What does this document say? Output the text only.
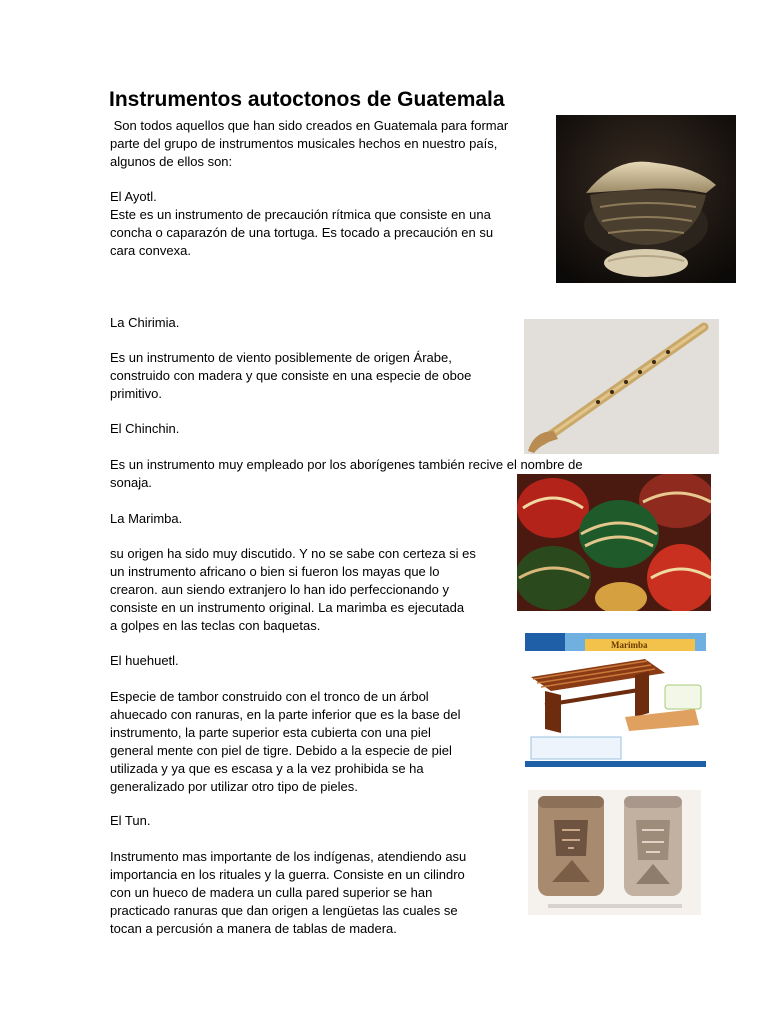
Instrumentos autoctonos de Guatemala

Son todos aquellos que han sido creados en Guatemala para formar

parte del grupo de instrumentos musicales hechos en nuestro país,

algunos de ellos son:

El Ayotl.

Este es un instrumento de precaución rítmica que consiste en una

concha o caparazón de una tortuga. Es tocado a precaución en su

cara convexa.

La Chirimia.

Es un instrumento de viento posiblemente de origen Árabe,

construido con madera y que consiste en una especie de oboe

primitivo.

El Chinchin.

Es un instrumento muy empleado por los aborígenes también recive el nombre de

sonaja.

La Marimba.

su origen ha sido muy discutido. Y no se sabe con certeza si es

un instrumento africano o bien si fueron los mayas que lo

crearon. aun siendo extranjero lo han ido perfeccionando y

consiste en un instrumento original. La marimba es ejecutada

a golpes en las teclas con baquetas.

El huehuetl.

Especie de tambor construido con el tronco de un árbol

ahuecado con ranuras, en la parte inferior que es la base del

instrumento, la parte superior esta cubierta con una piel

general mente con piel de tigre. Debido a la especie de piel

utilizada y ya que es escasa y a la vez prohibida se ha

generalizado por utilizar otro tipo de pieles.

El Tun.

Instrumento mas importante de los indígenas, atendiendo asu

importancia en los rituales y la guerra. Consiste en un cilindro

con un hueco de madera un culla pared superior se han

practicado ranuras que dan origen a lengüetas las cuales se

tocan a percusión a manera de tablas de madera.

Marimba
